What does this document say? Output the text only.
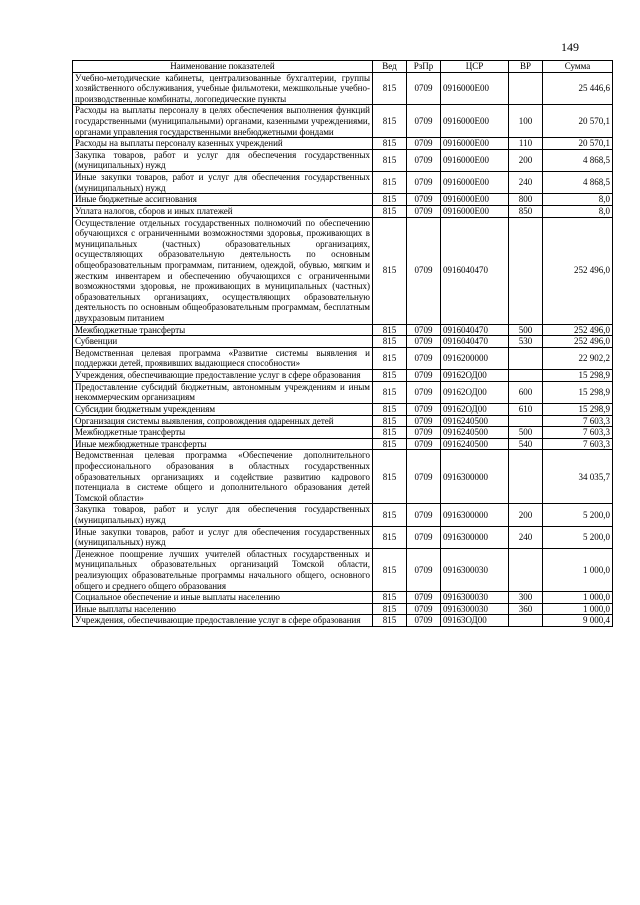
149
Наименование показателей	Вед	РзПр	ЦСР	ВР	Сумма
Учебно-методические кабинеты, централизованные бухгалтерии, группы хозяйственного обслуживания, учебные фильмотеки, межшкольные учебно-производственные комбинаты, логопедические пункты	815	0709	0916000Е00		25 446,6
Расходы на выплаты персоналу в целях обеспечения выполнения функций государственными (муниципальными) органами, казенными учреждениями, органами управления государственными внебюджетными фондами	815	0709	0916000Е00	100	20 570,1
Расходы на выплаты персоналу казенных учреждений	815	0709	0916000Е00	110	20 570,1
Закупка товаров, работ и услуг для обеспечения государственных (муниципальных) нужд	815	0709	0916000Е00	200	4 868,5
Иные закупки товаров, работ и услуг для обеспечения государственных (муниципальных) нужд	815	0709	0916000Е00	240	4 868,5
Иные бюджетные ассигнования	815	0709	0916000Е00	800	8,0
Уплата налогов, сборов и иных платежей	815	0709	0916000Е00	850	8,0
Осуществление отдельных государственных полномочий по обеспечению обучающихся с ограниченными возможностями здоровья, проживающих в муниципальных (частных) образовательных организациях, осуществляющих образовательную деятельность по основным общеобразовательным программам, питанием, одеждой, обувью, мягким и жестким инвентарем и обеспечению обучающихся с ограниченными возможностями здоровья, не проживающих в муниципальных (частных) образовательных организациях, осуществляющих образовательную деятельность по основным общеобразовательным программам, бесплатным двухразовым питанием	815	0709	0916040470		252 496,0
Межбюджетные трансферты	815	0709	0916040470	500	252 496,0
Субвенции	815	0709	0916040470	530	252 496,0
Ведомственная целевая программа «Развитие системы выявления и поддержки детей, проявивших выдающиеся способности»	815	0709	0916200000		22 902,2
Учреждения, обеспечивающие предоставление услуг в сфере образования	815	0709	09162ОД00		15 298,9
Предоставление субсидий бюджетным, автономным учреждениям и иным некоммерческим организациям	815	0709	09162ОД00	600	15 298,9
Субсидии бюджетным учреждениям	815	0709	09162ОД00	610	15 298,9
Организация системы выявления, сопровождения одаренных детей	815	0709	0916240500		7 603,3
Межбюджетные трансферты	815	0709	0916240500	500	7 603,3
Иные межбюджетные трансферты	815	0709	0916240500	540	7 603,3
Ведомственная целевая программа «Обеспечение дополнительного профессионального образования в областных государственных образовательных организациях и содействие развитию кадрового потенциала в системе общего и дополнительного образования детей Томской области»	815	0709	0916300000		34 035,7
Закупка товаров, работ и услуг для обеспечения государственных (муниципальных) нужд	815	0709	0916300000	200	5 200,0
Иные закупки товаров, работ и услуг для обеспечения государственных (муниципальных) нужд	815	0709	0916300000	240	5 200,0
Денежное поощрение лучших учителей областных государственных и муниципальных образовательных организаций Томской области, реализующих образовательные программы начального общего, основного общего и среднего общего образования	815	0709	0916300030		1 000,0
Социальное обеспечение и иные выплаты населению	815	0709	0916300030	300	1 000,0
Иные выплаты населению	815	0709	0916300030	360	1 000,0
Учреждения, обеспечивающие предоставление услуг в сфере образования	815	0709	09163ОД00		9 000,4
